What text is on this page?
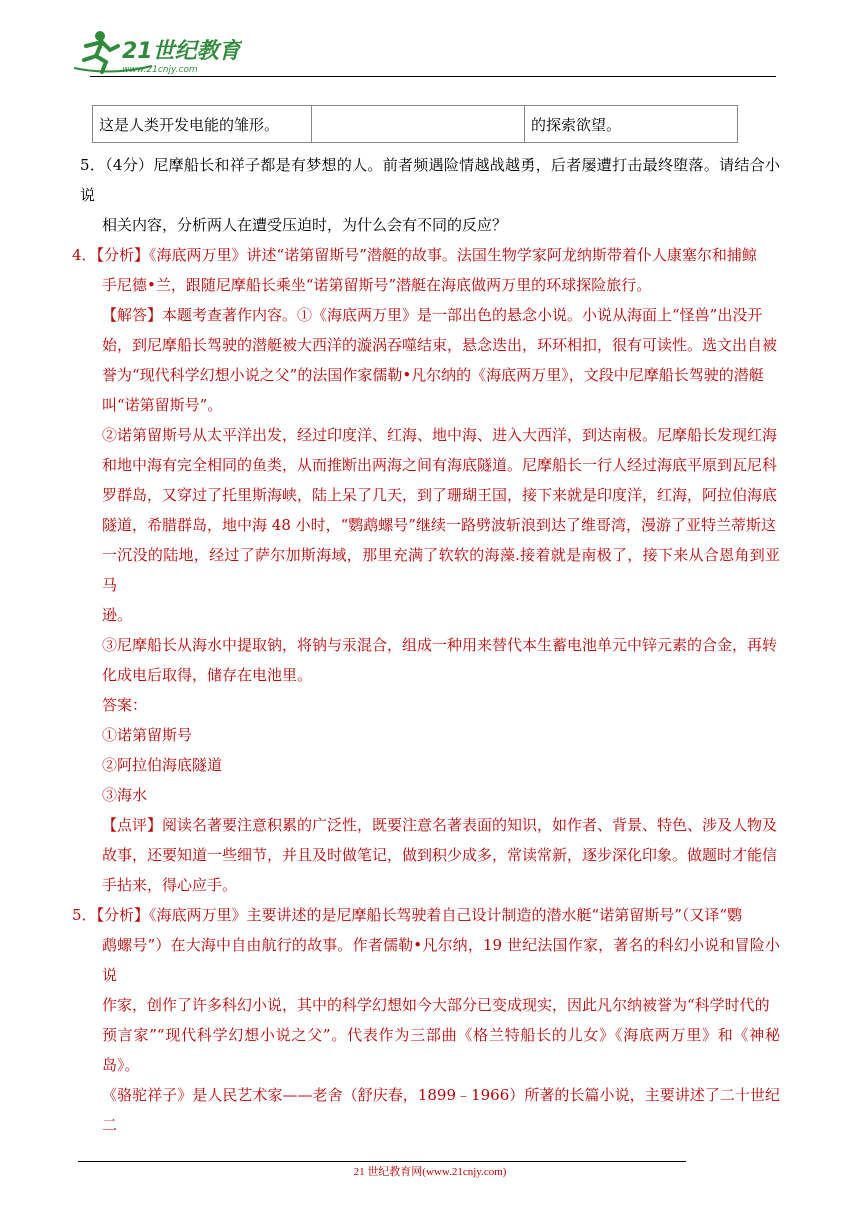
21世纪教育
www.21cnjy.com
这是人类开发电能的雏形。		的探索欲望。
5．（4分）尼摩船长和祥子都是有梦想的人。前者频遇险情越战越勇，后者屡遭打击最终堕落。请结合小说
相关内容，分析两人在遭受压迫时，为什么会有不同的反应？
4．【分析】《海底两万里》讲述“诺第留斯号”潜艇的故事。法国生物学家阿龙纳斯带着仆人康塞尔和捕鲸
手尼德•兰，跟随尼摩船长乘坐“诺第留斯号”潜艇在海底做两万里的环球探险旅行。
【解答】本题考查著作内容。①《海底两万里》是一部出色的悬念小说。小说从海面上“怪兽”出没开
始，到尼摩船长驾驶的潜艇被大西洋的漩涡吞噬结束，悬念迭出，环环相扣，很有可读性。选文出自被
誉为“现代科学幻想小说之父”的法国作家儒勒•凡尔纳的《海底两万里》，文段中尼摩船长驾驶的潜艇
叫“诺第留斯号”。
②诺第留斯号从太平洋出发，经过印度洋、红海、地中海、进入大西洋，到达南极。尼摩船长发现红海
和地中海有完全相同的鱼类，从而推断出两海之间有海底隧道。尼摩船长一行人经过海底平原到瓦尼科
罗群岛，又穿过了托里斯海峡，陆上呆了几天，到了珊瑚王国，接下来就是印度洋，红海，阿拉伯海底
隧道，希腊群岛，地中海 48 小时，“鹦鹉螺号”继续一路劈波斩浪到达了维哥湾，漫游了亚特兰蒂斯这
一沉没的陆地，经过了萨尔加斯海域，那里充满了软软的海藻.接着就是南极了，接下来从合恩角到亚马
逊。
③尼摩船长从海水中提取钠，将钠与汞混合，组成一种用来替代本生蓄电池单元中锌元素的合金，再转
化成电后取得，储存在电池里。
答案：
①诺第留斯号
②阿拉伯海底隧道
③海水
【点评】阅读名著要注意积累的广泛性，既要注意名著表面的知识，如作者、背景、特色、涉及人物及
故事，还要知道一些细节，并且及时做笔记，做到积少成多，常读常新，逐步深化印象。做题时才能信
手拈来，得心应手。
5．【分析】《海底两万里》主要讲述的是尼摩船长驾驶着自己设计制造的潜水艇“诺第留斯号”（又译“鹦
鹉螺号”）在大海中自由航行的故事。作者儒勒•凡尔纳，19 世纪法国作家，著名的科幻小说和冒险小说
作家，创作了许多科幻小说，其中的科学幻想如今大部分已变成现实，因此凡尔纳被誉为“科学时代的
预言家”“现代科学幻想小说之父”。代表作为三部曲《格兰特船长的儿女》《海底两万里》和《神秘岛》。
《骆驼祥子》是人民艺术家——老舍（舒庆春，1899﹣1966）所著的长篇小说，主要讲述了二十世纪二
21 世纪教育网(www.21cnjy.com)
